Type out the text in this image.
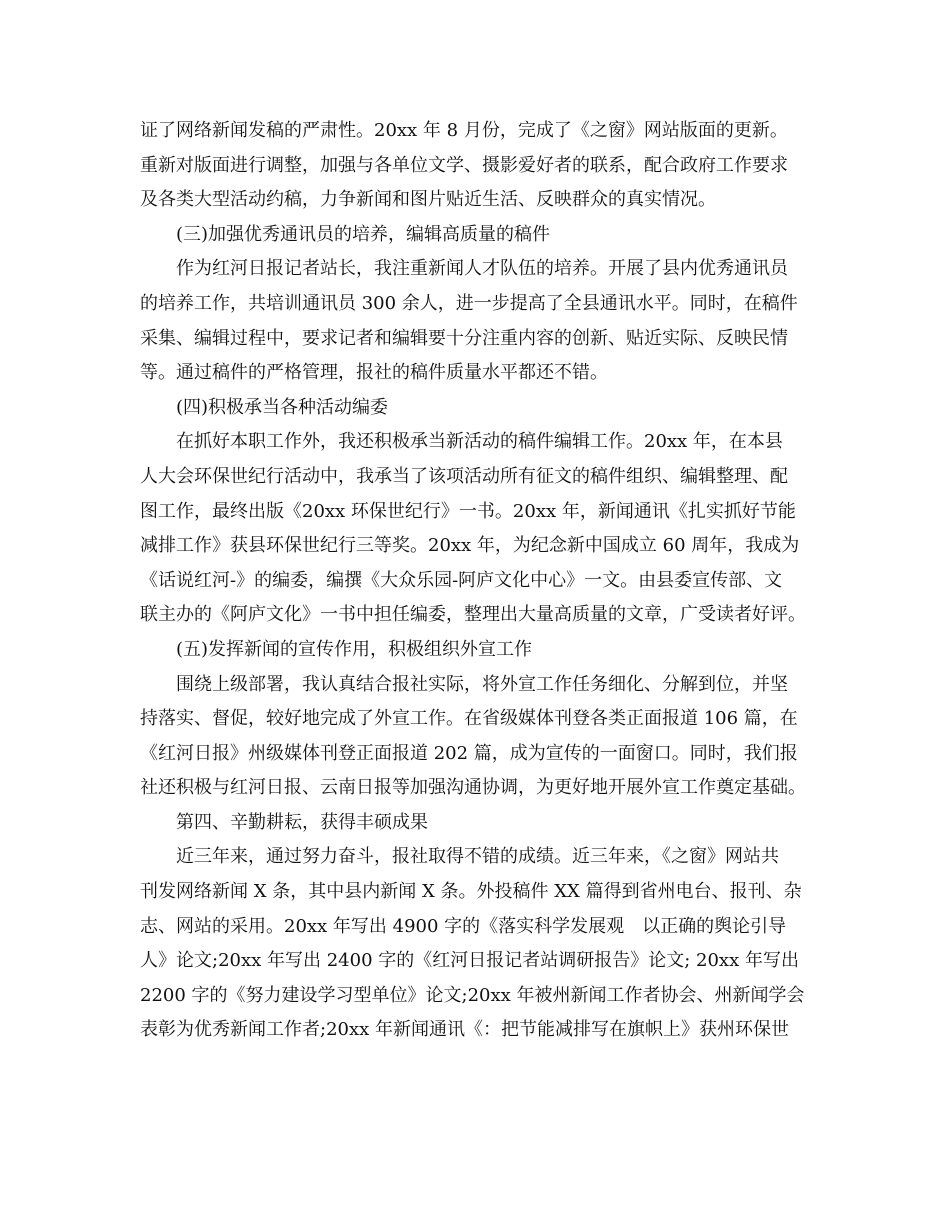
证了网络新闻发稿的严肃性。20xx 年 8 月份，完成了《之窗》网站版面的更新。

重新对版面进行调整，加强与各单位文学、摄影爱好者的联系，配合政府工作要求

及各类大型活动约稿，力争新闻和图片贴近生活、反映群众的真实情况。

(三)加强优秀通讯员的培养，编辑高质量的稿件

作为红河日报记者站长，我注重新闻人才队伍的培养。开展了县内优秀通讯员

的培养工作，共培训通讯员 300 余人，进一步提高了全县通讯水平。同时，在稿件

采集、编辑过程中，要求记者和编辑要十分注重内容的创新、贴近实际、反映民情

等。通过稿件的严格管理，报社的稿件质量水平都还不错。

(四)积极承当各种活动编委

在抓好本职工作外，我还积极承当新活动的稿件编辑工作。20xx 年，在本县

人大会环保世纪行活动中，我承当了该项活动所有征文的稿件组织、编辑整理、配

图工作，最终出版《20xx 环保世纪行》一书。20xx 年，新闻通讯《扎实抓好节能

减排工作》获县环保世纪行三等奖。20xx 年，为纪念新中国成立 60 周年，我成为

《话说红河-》的编委，编撰《大众乐园-阿庐文化中心》一文。由县委宣传部、文

联主办的《阿庐文化》一书中担任编委，整理出大量高质量的文章，广受读者好评。

(五)发挥新闻的宣传作用，积极组织外宣工作

围绕上级部署，我认真结合报社实际，将外宣工作任务细化、分解到位，并坚

持落实、督促，较好地完成了外宣工作。在省级媒体刊登各类正面报道 106 篇，在

《红河日报》州级媒体刊登正面报道 202 篇，成为宣传的一面窗口。同时，我们报

社还积极与红河日报、云南日报等加强沟通协调，为更好地开展外宣工作奠定基础。

第四、辛勤耕耘，获得丰硕成果

近三年来，通过努力奋斗，报社取得不错的成绩。近三年来，《之窗》网站共

刊发网络新闻 X 条，其中县内新闻 X 条。外投稿件 XX 篇得到省州电台、报刊、杂

志、网站的采用。20xx 年写出 4900 字的《落实科学发展观　以正确的舆论引导

人》论文;20xx 年写出 2400 字的《红河日报记者站调研报告》论文; 20xx 年写出

2200 字的《努力建设学习型单位》论文;20xx 年被州新闻工作者协会、州新闻学会

表彰为优秀新闻工作者;20xx 年新闻通讯《：把节能减排写在旗帜上》获州环保世
